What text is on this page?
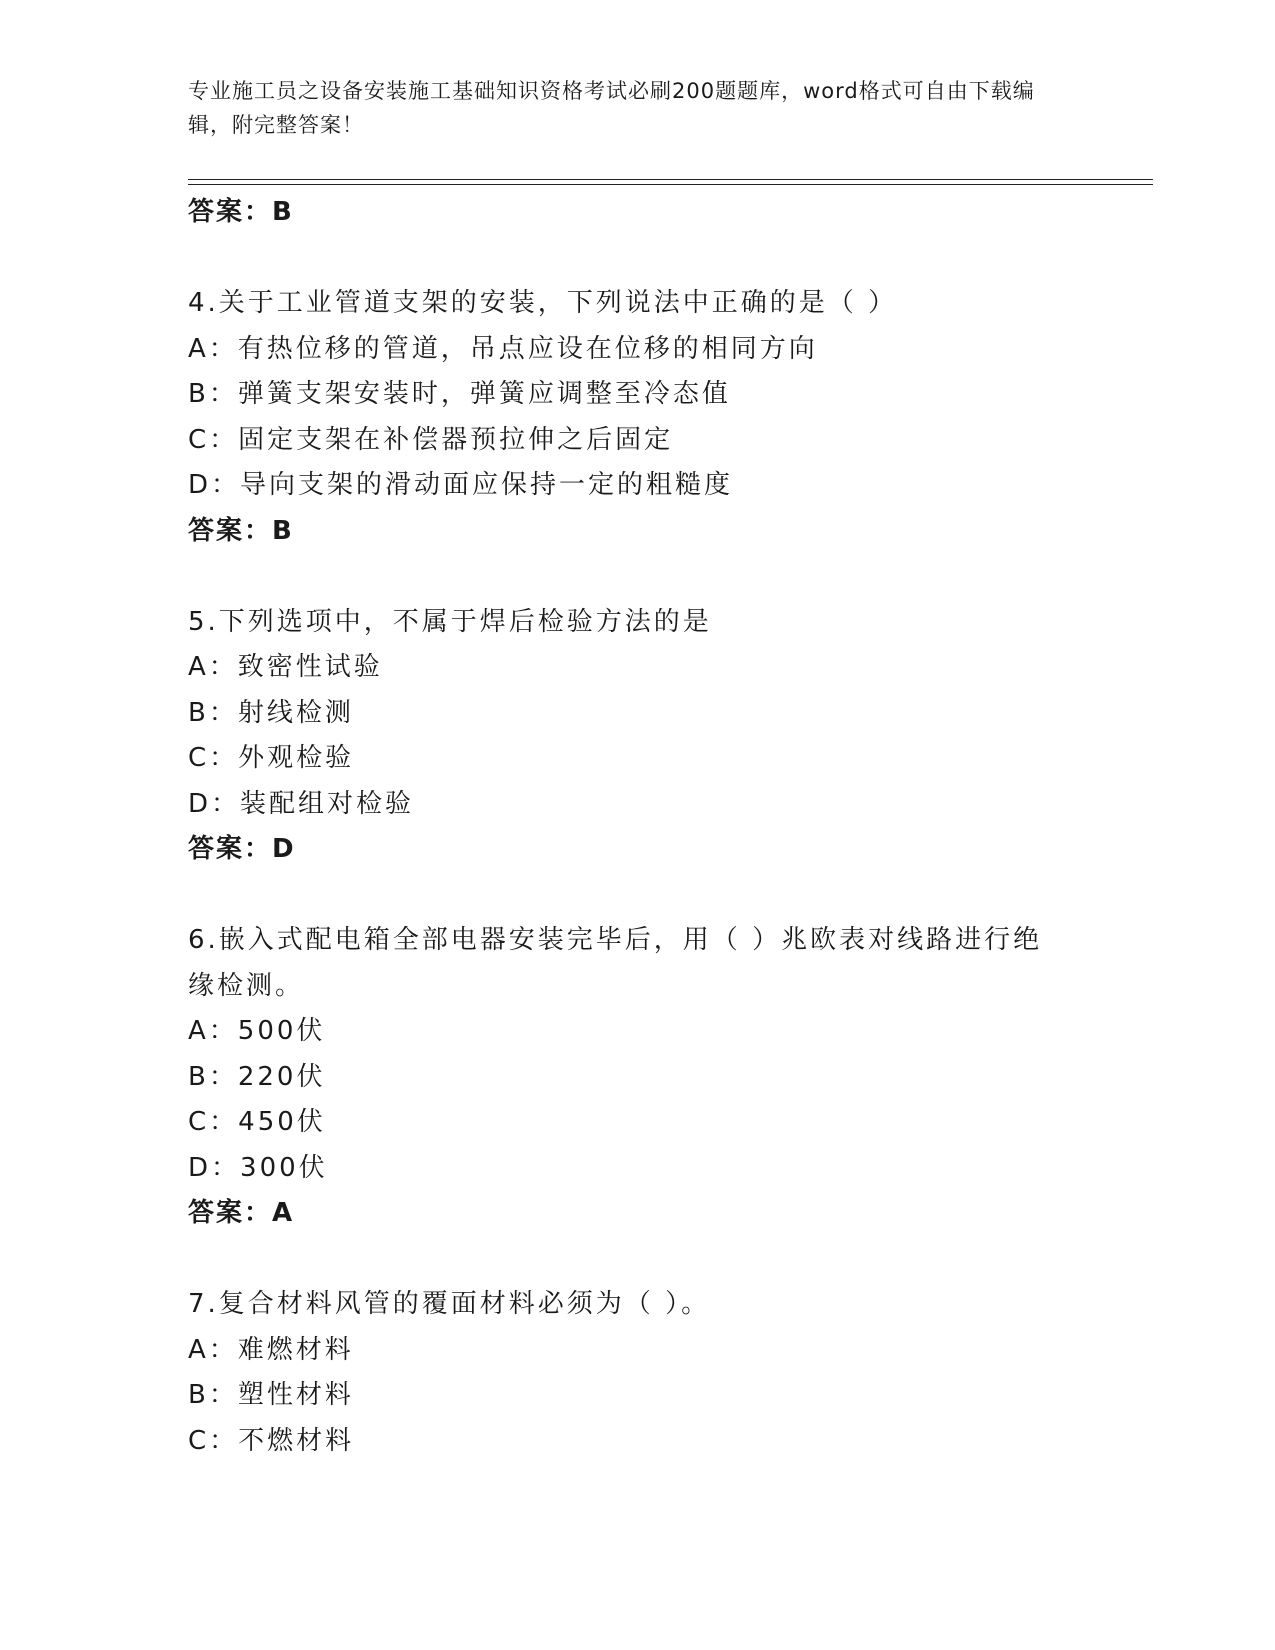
专业施工员之设备安装施工基础知识资格考试必刷200题题库，word格式可自由下载编辑，附完整答案！
答案：B
4.关于工业管道支架的安装，下列说法中正确的是（ ）
A：有热位移的管道，吊点应设在位移的相同方向
B：弹簧支架安装时，弹簧应调整至冷态值
C：固定支架在补偿器预拉伸之后固定
D：导向支架的滑动面应保持一定的粗糙度
答案：B
5.下列选项中，不属于焊后检验方法的是
A：致密性试验
B：射线检测
C：外观检验
D：装配组对检验
答案：D
6.嵌入式配电箱全部电器安装完毕后，用（ ）兆欧表对线路进行绝缘检测。
A：500伏
B：220伏
C：450伏
D：300伏
答案：A
7.复合材料风管的覆面材料必须为（ ）。
A：难燃材料
B：塑性材料
C：不燃材料
